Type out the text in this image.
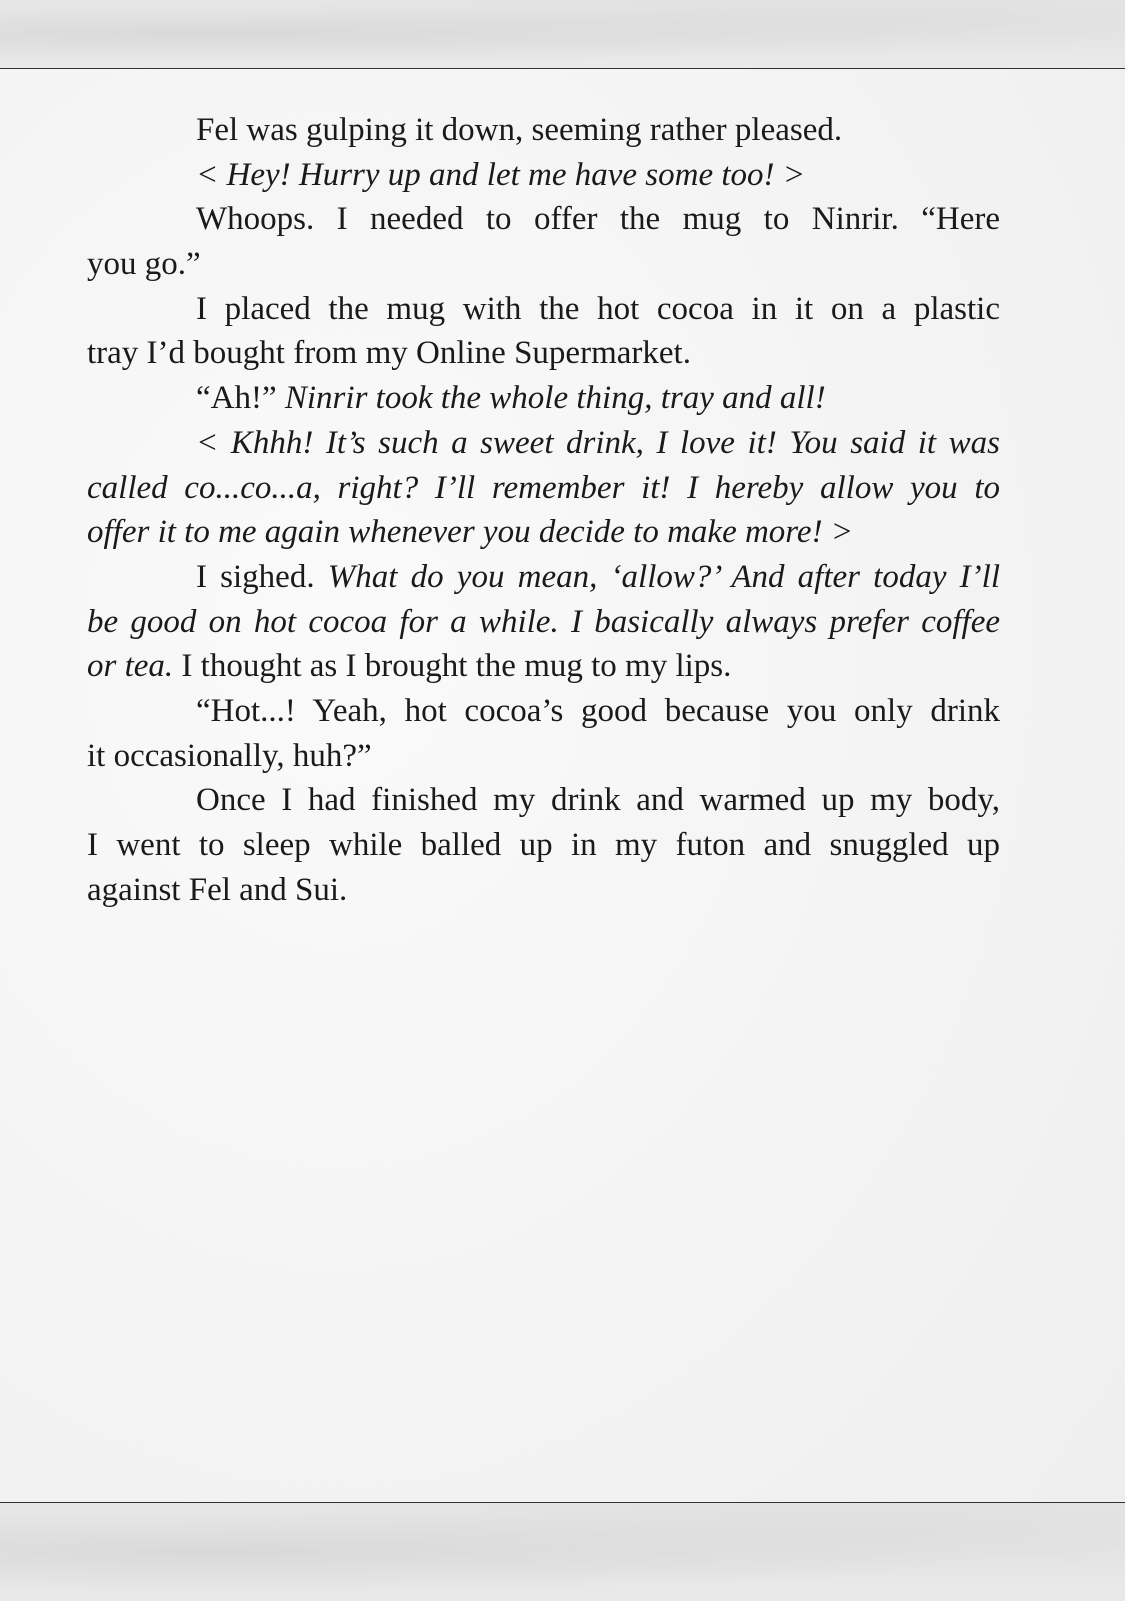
Fel was gulping it down, seeming rather pleased.
< Hey! Hurry up and let me have some too! >
Whoops. I needed to offer the mug to Ninrir. “Here
you go.”
I placed the mug with the hot cocoa in it on a plastic
tray I’d bought from my Online Supermarket.
“Ah!” Ninrir took the whole thing, tray and all!
< Khhh! It’s such a sweet drink, I love it! You said it was
called co...co...a, right? I’ll remember it! I hereby allow you to
offer it to me again whenever you decide to make more! >
I sighed. What do you mean, ‘allow?’ And after today I’ll
be good on hot cocoa for a while. I basically always prefer coffee
or tea. I thought as I brought the mug to my lips.
“Hot...! Yeah, hot cocoa’s good because you only drink
it occasionally, huh?”
Once I had finished my drink and warmed up my body,
I went to sleep while balled up in my futon and snuggled up
against Fel and Sui.
